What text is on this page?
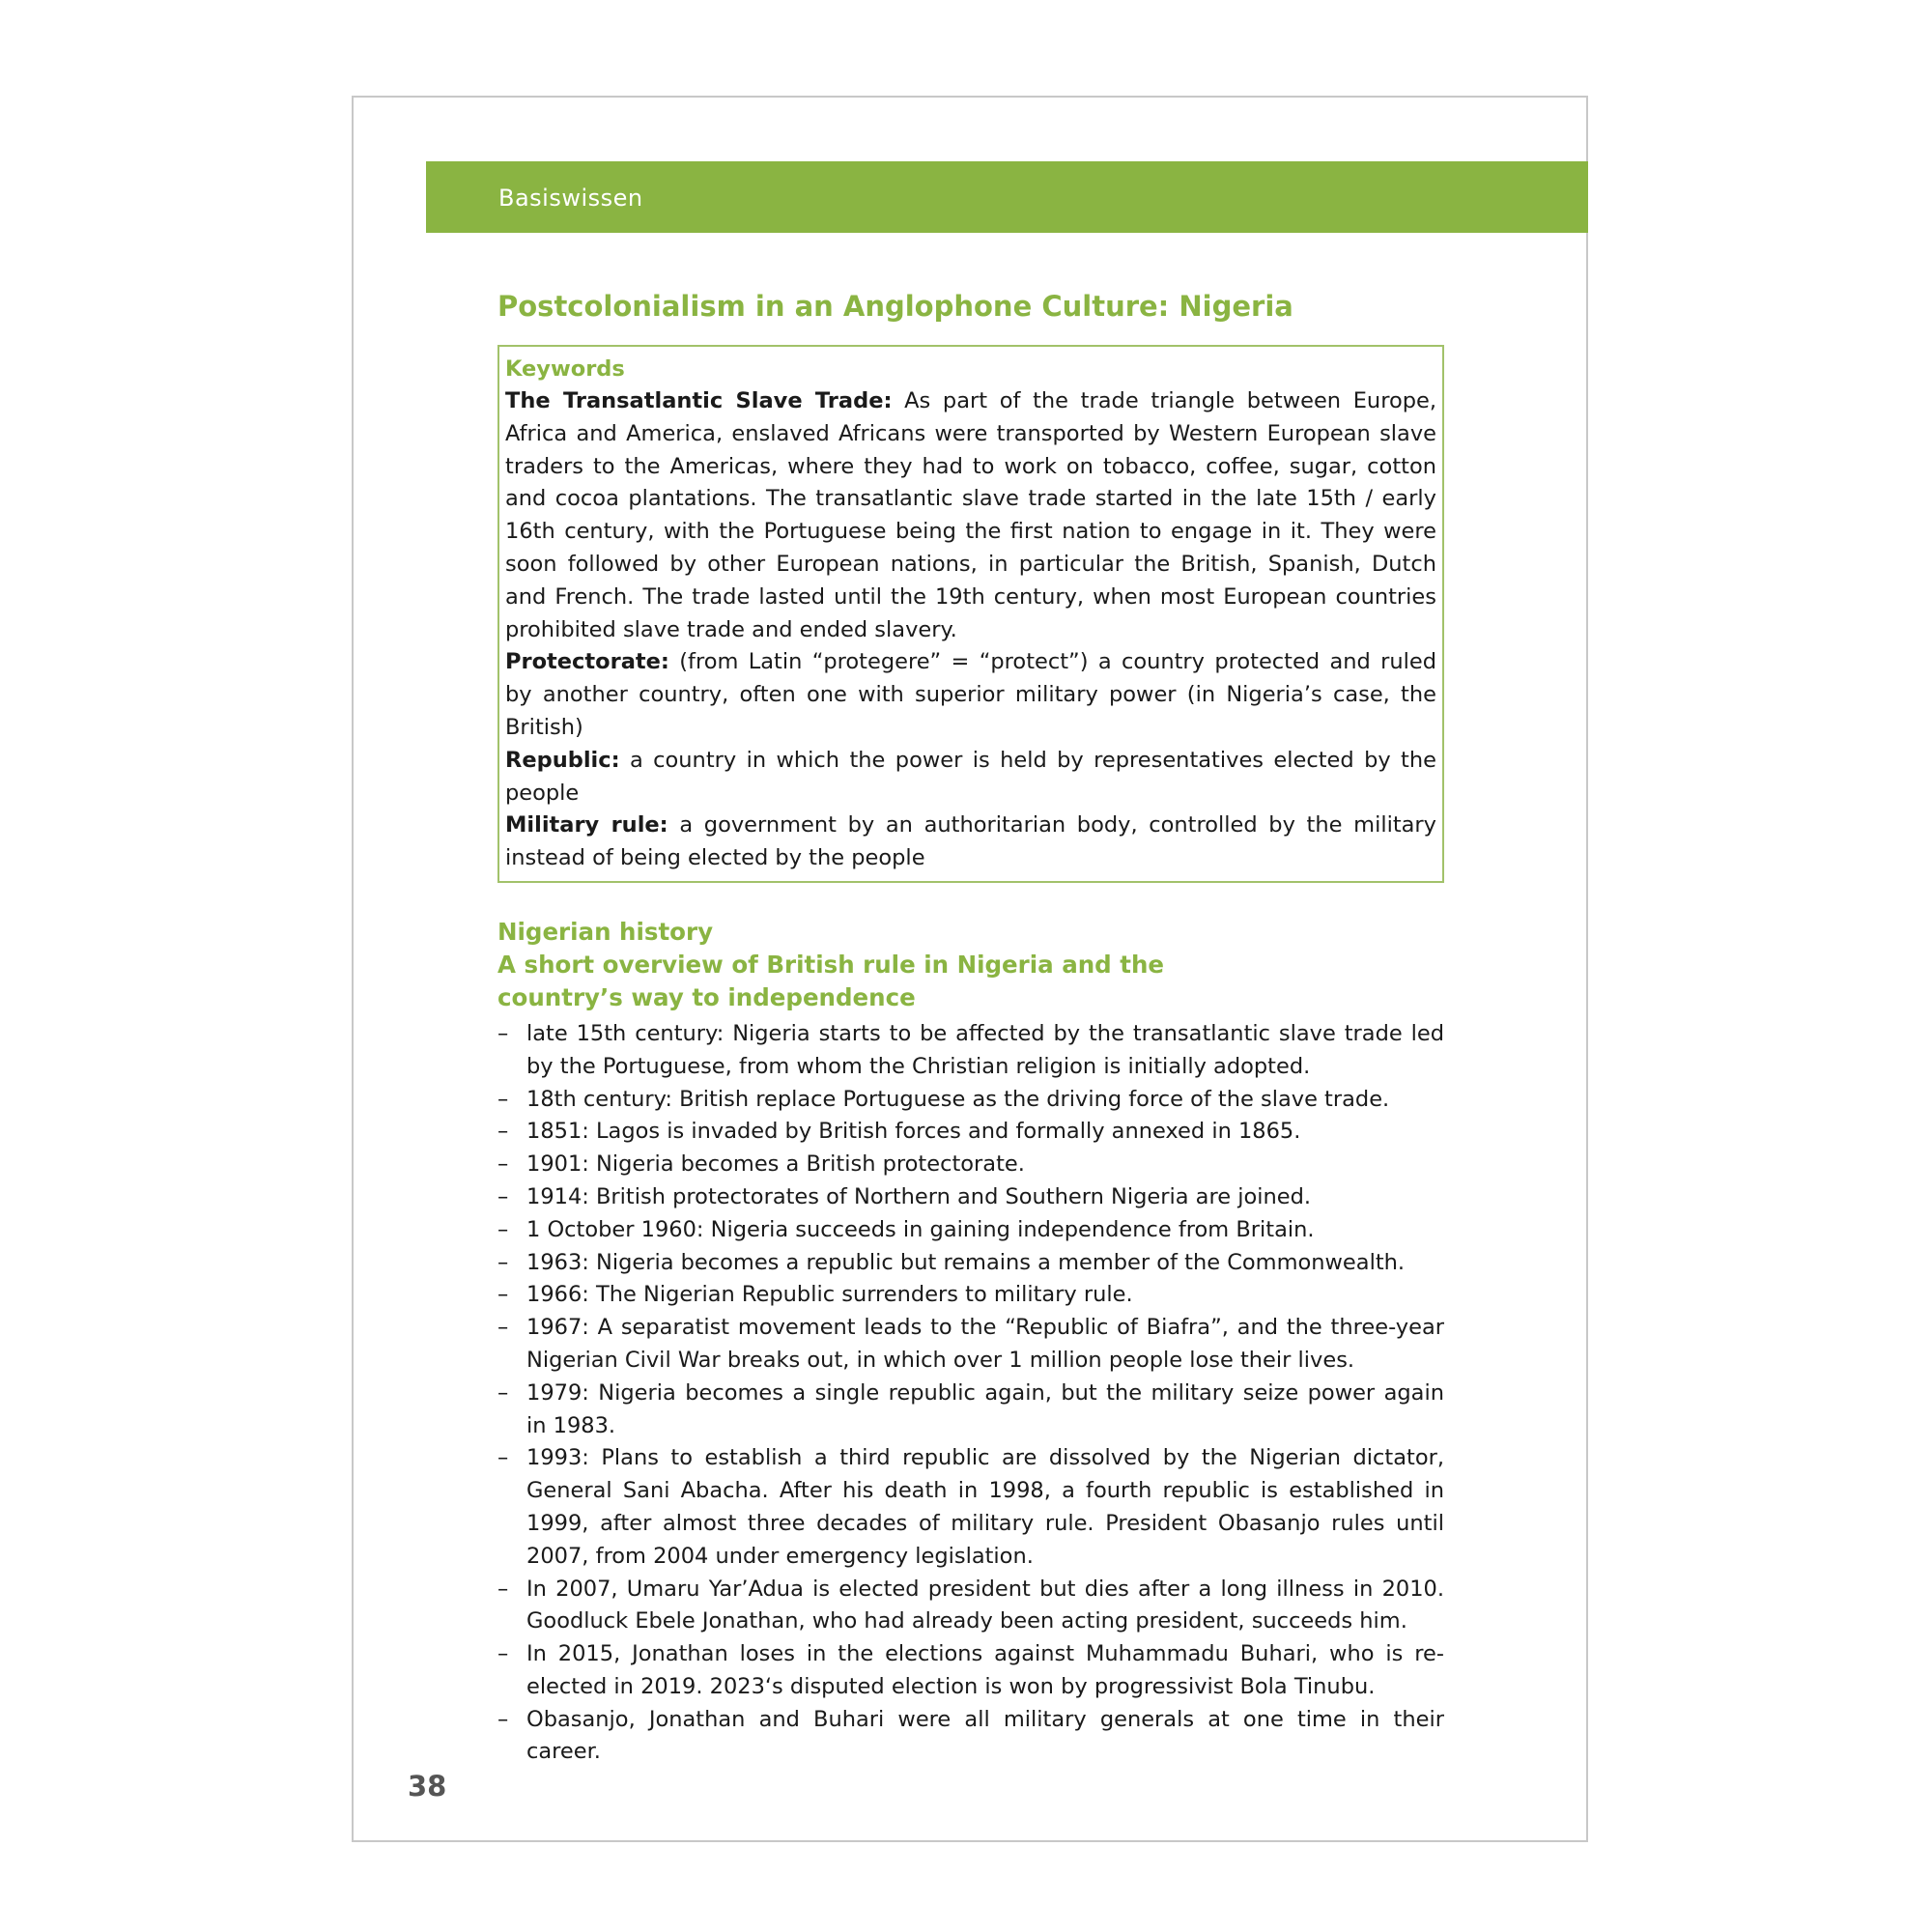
Basiswissen
Postcolonialism in an Anglophone Culture: Nigeria
Keywords
The Transatlantic Slave Trade: As part of the trade triangle between Europe, Africa and America, enslaved Africans were transported by Western European slave traders to the Americas, where they had to work on tobacco, coffee, sugar, cotton and cocoa plantations. The transatlantic slave trade started in the late 15th / early 16th century, with the Portuguese being the first nation to engage in it. They were soon followed by other European nations, in particular the British, Spanish, Dutch and French. The trade lasted until the 19th century, when most European countries prohibited slave trade and ended slavery.
Protectorate: (from Latin “protegere” = “protect”) a country protected and ruled by another country, often one with superior military power (in Nigeria’s case, the British)
Republic: a country in which the power is held by representatives elected by the people
Military rule: a government by an authoritarian body, controlled by the military instead of being elected by the people
Nigerian history
A short overview of British rule in Nigeria and the country’s way to independence
– late 15th century: Nigeria starts to be affected by the transatlantic slave trade led by the Portuguese, from whom the Christian religion is initially adopted.
– 18th century: British replace Portuguese as the driving force of the slave trade.
– 1851: Lagos is invaded by British forces and formally annexed in 1865.
– 1901: Nigeria becomes a British protectorate.
– 1914: British protectorates of Northern and Southern Nigeria are joined.
– 1 October 1960: Nigeria succeeds in gaining independence from Britain.
– 1963: Nigeria becomes a republic but remains a member of the Commonwealth.
– 1966: The Nigerian Republic surrenders to military rule.
– 1967: A separatist movement leads to the “Republic of Biafra”, and the three-year Nigerian Civil War breaks out, in which over 1 million people lose their lives.
– 1979: Nigeria becomes a single republic again, but the military seize power again in 1983.
– 1993: Plans to establish a third republic are dissolved by the Nigerian dictator, General Sani Abacha. After his death in 1998, a fourth republic is established in 1999, after almost three decades of military rule. President Obasanjo rules until 2007, from 2004 under emergency legislation.
– In 2007, Umaru Yar’Adua is elected president but dies after a long illness in 2010. Goodluck Ebele Jonathan, who had already been acting president, succeeds him.
– In 2015, Jonathan loses in the elections against Muhammadu Buhari, who is re-elected in 2019. 2023‘s disputed election is won by progressivist Bola Tinubu.
– Obasanjo, Jonathan and Buhari were all military generals at one time in their career.
38
